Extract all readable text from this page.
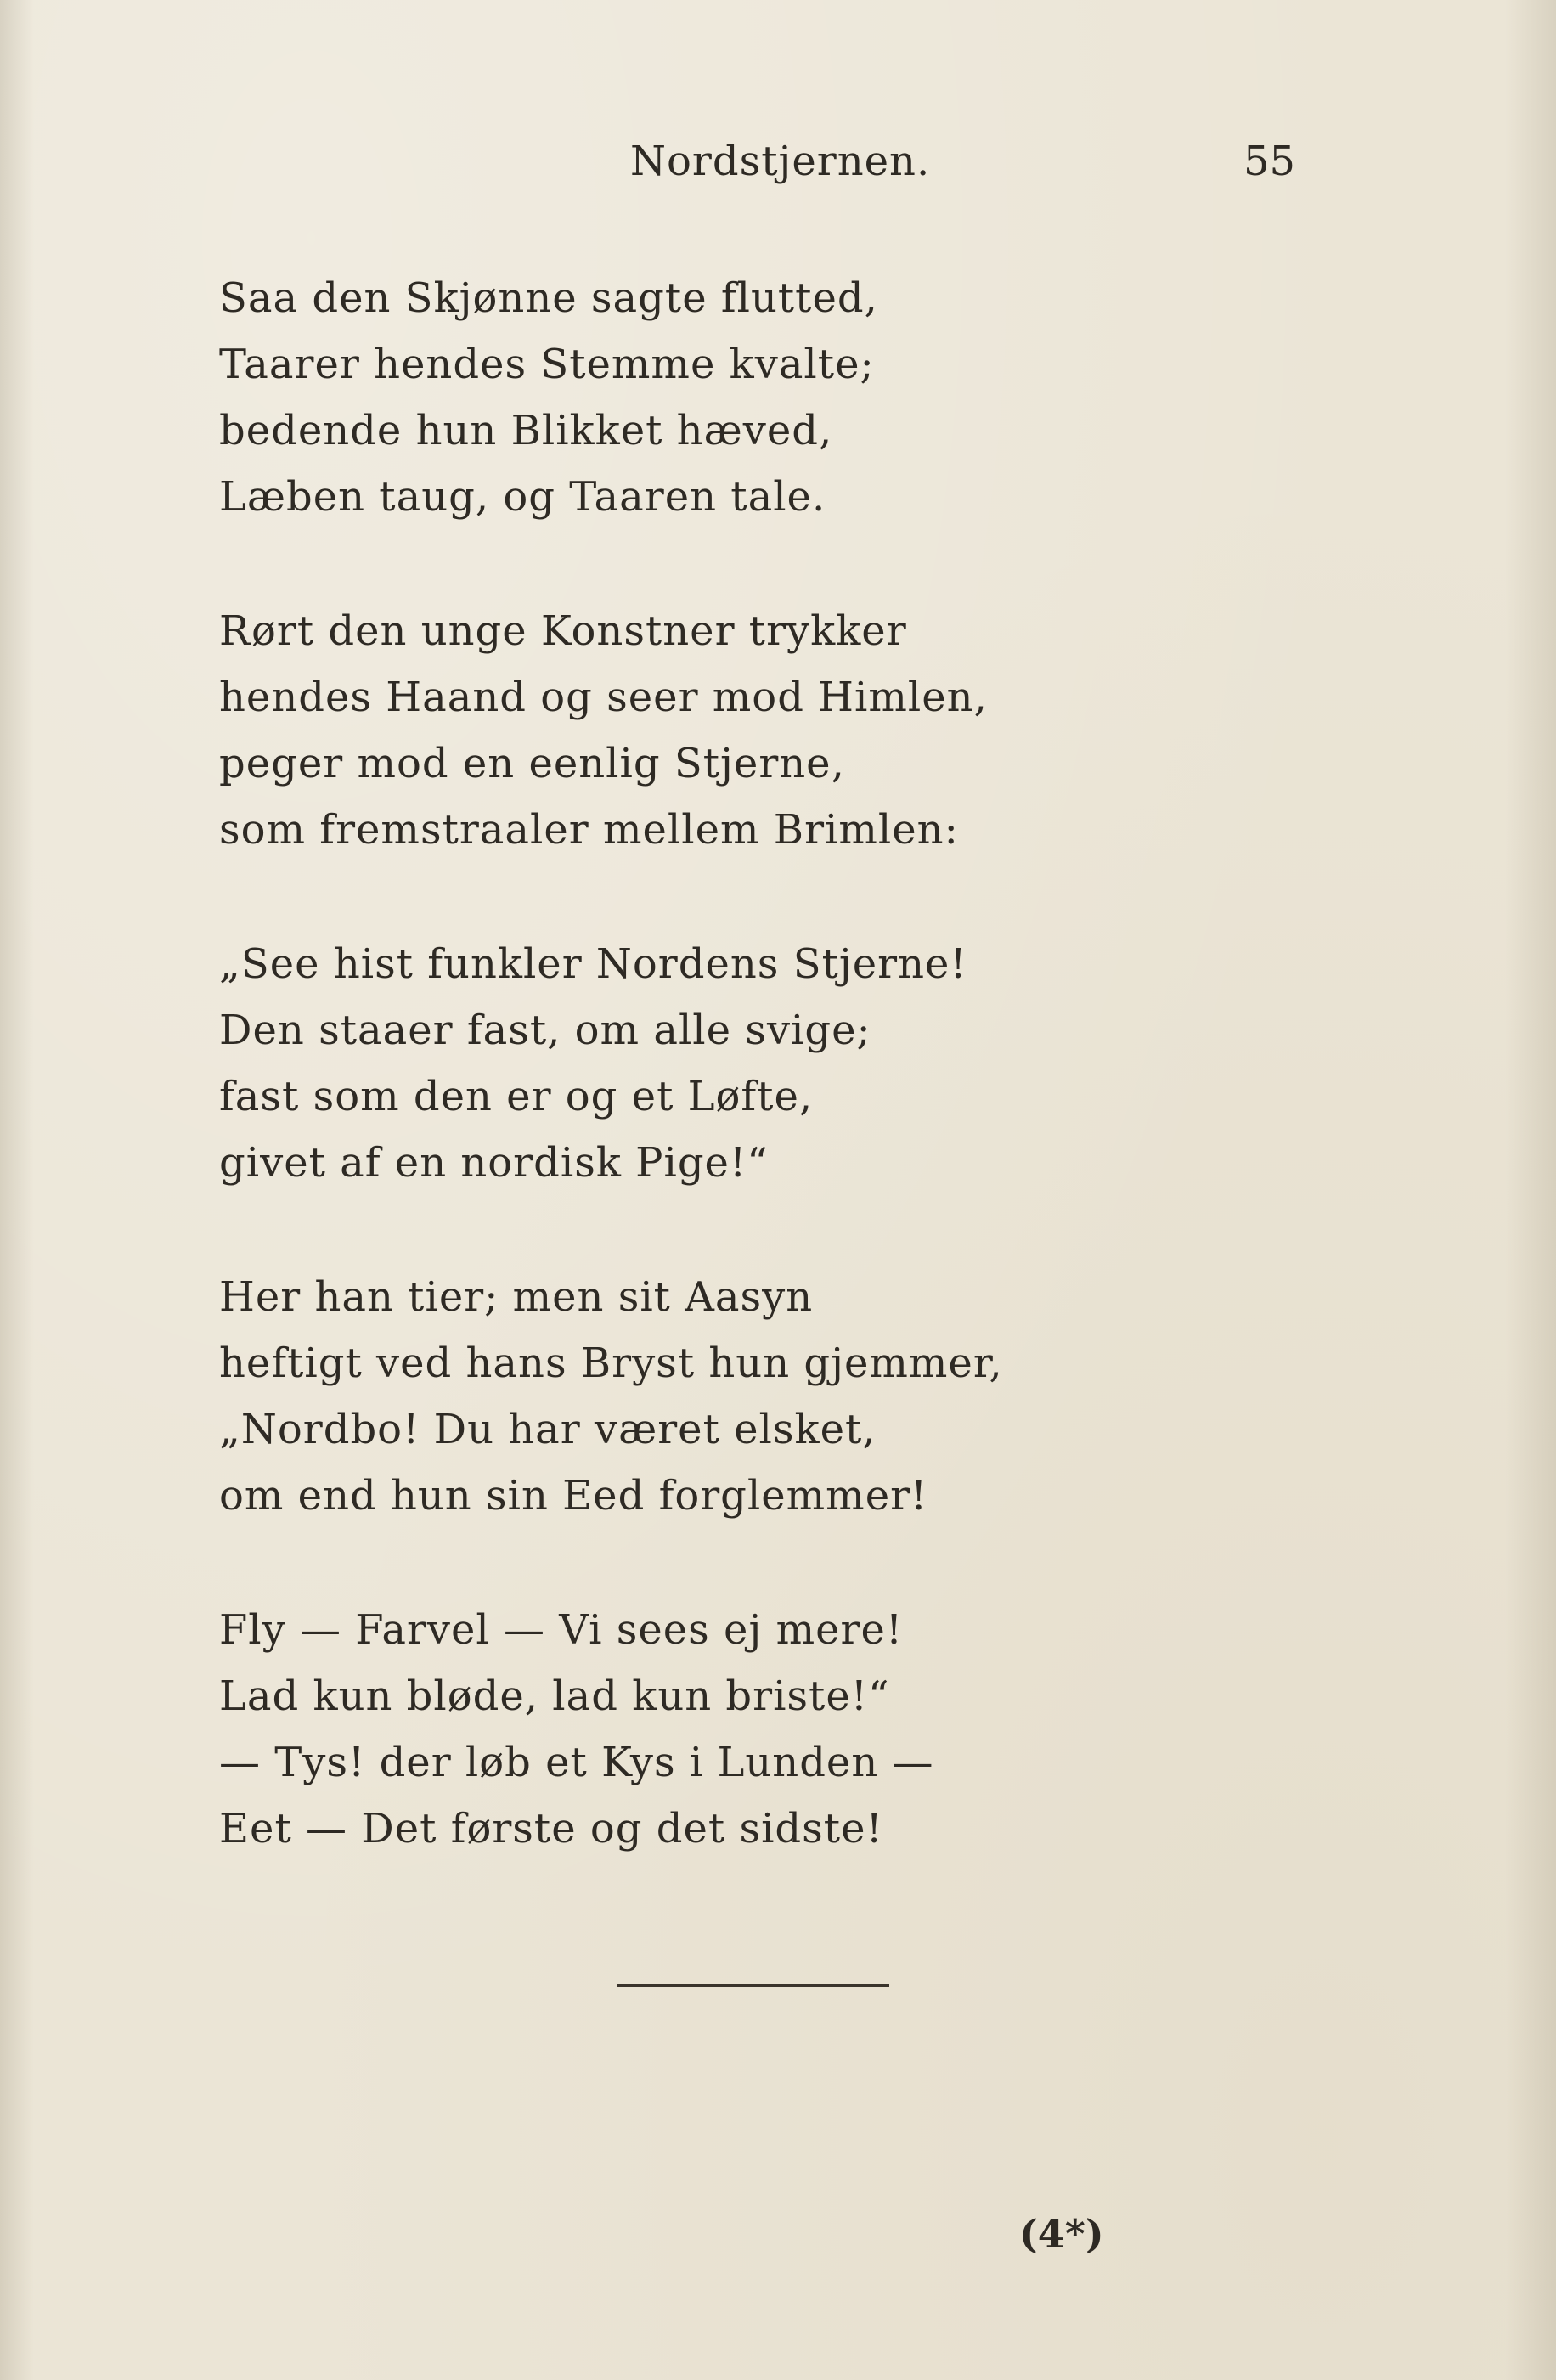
Nordstjernen.	55
Saa den Skjønne sagte flutted,
Taarer hendes Stemme kvalte;
bedende hun Blikket hæved,
Læben taug, og Taaren tale.
Rørt den unge Konstner trykker
hendes Haand og seer mod Himlen,
peger mod en eenlig Stjerne,
som fremstraaler mellem Brimlen:
„See hist funkler Nordens Stjerne!
Den staaer fast, om alle svige;
fast som den er og et Løfte,
givet af en nordisk Pige!“
Her han tier; men sit Aasyn
heftigt ved hans Bryst hun gjemmer,
„Nordbo! Du har været elsket,
om end hun sin Eed forglemmer!
Fly — Farvel — Vi sees ej mere!
Lad kun bløde, lad kun briste!“
— Tys! der løb et Kys i Lunden —
Eet — Det første og det sidste!
(4*)
